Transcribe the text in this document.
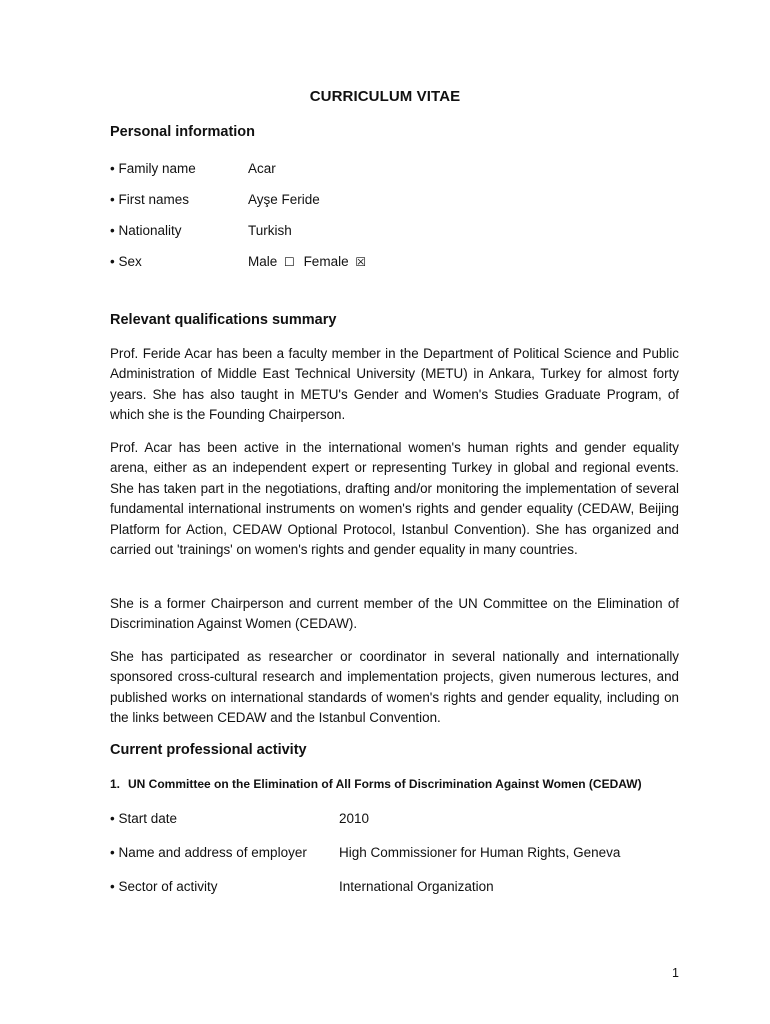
CURRICULUM VITAE
Personal information
• Family name	Acar
• First names	Ayşe Feride
• Nationality	Turkish
• Sex	Male ☐ Female ☒
Relevant qualifications summary

Prof. Feride Acar has been a faculty member in the Department of Political Science and Public Administration of Middle East Technical University (METU) in Ankara, Turkey for almost forty years. She has also taught in METU's Gender and Women's Studies Graduate Program, of which she is the Founding Chairperson.

Prof. Acar has been active in the international women's human rights and gender equality arena, either as an independent expert or representing Turkey in global and regional events. She has taken part in the negotiations, drafting and/or monitoring the implementation of several fundamental international instruments on women's rights and gender equality (CEDAW, Beijing Platform for Action, CEDAW Optional Protocol, Istanbul Convention). She has organized and carried out 'trainings' on women's rights and gender equality in many countries.

She is a former Chairperson and current member of the UN Committee on the Elimination of Discrimination Against Women (CEDAW).

She has participated as researcher or coordinator in several nationally and internationally sponsored cross-cultural research and implementation projects, given numerous lectures, and published works on international standards of women's rights and gender equality, including on the links between CEDAW and the Istanbul Convention.

Current professional activity
1. UN Committee on the Elimination of All Forms of Discrimination Against Women (CEDAW)
• Start date	2010
• Name and address of employer	High Commissioner for Human Rights, Geneva
• Sector of activity	International Organization
1
